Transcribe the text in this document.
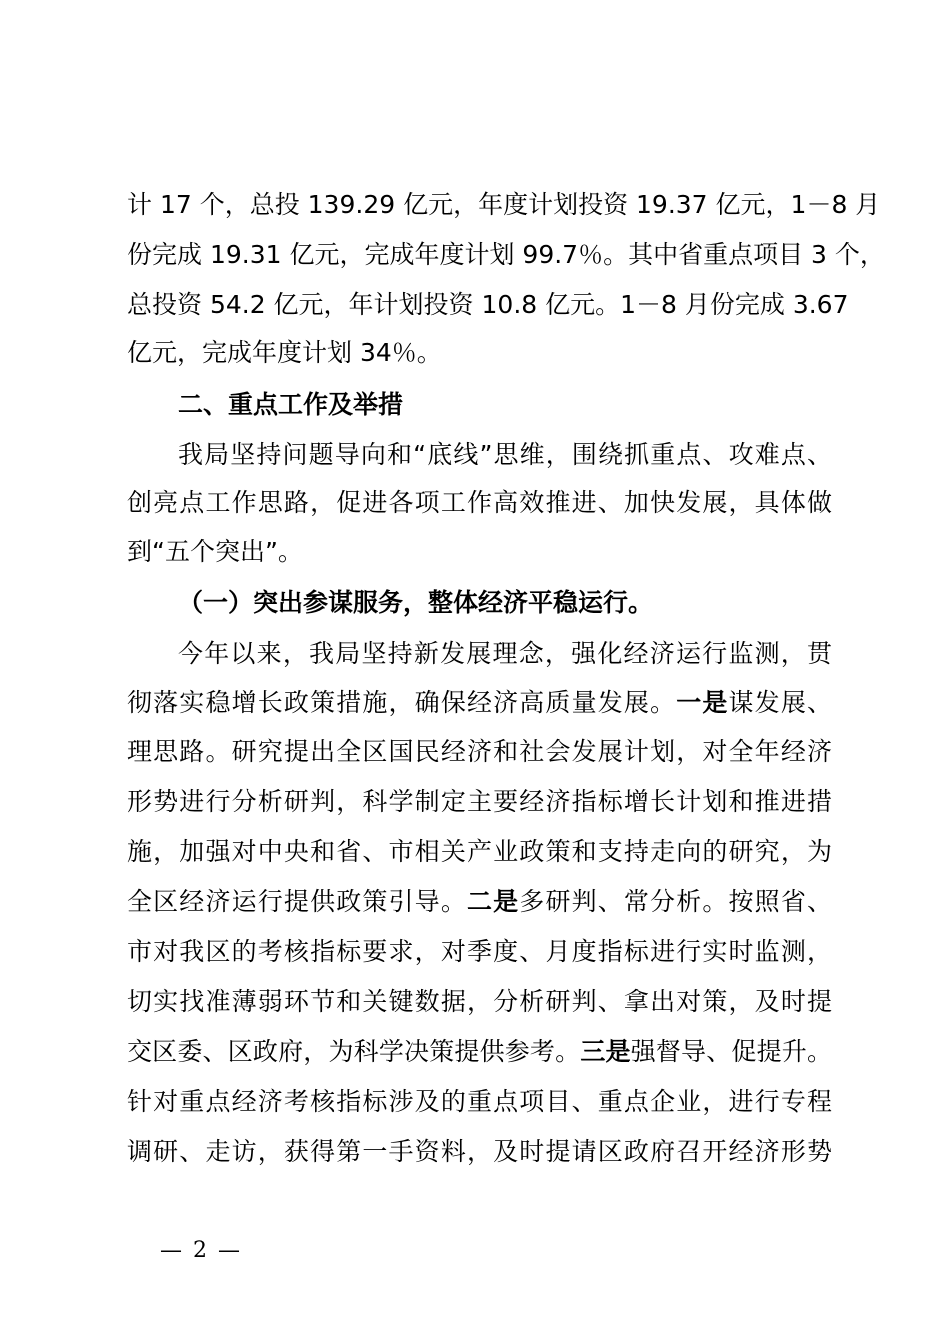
计 17 个，总投 139.29 亿元，年度计划投资 19.37 亿元，1－8 月
份完成 19.31 亿元，完成年度计划 99.7％。其中省重点项目 3 个，
总投资 54.2 亿元，年计划投资 10.8 亿元。1－8 月份完成 3.67
亿元，完成年度计划 34％。
二、重点工作及举措
我局坚持问题导向和“底线”思维，围绕抓重点、攻难点、
创亮点工作思路，促进各项工作高效推进、加快发展，具体做
到“五个突出”。
（一）突出参谋服务，整体经济平稳运行。
今年以来，我局坚持新发展理念，强化经济运行监测，贯
彻落实稳增长政策措施，确保经济高质量发展。一是谋发展、
理思路。研究提出全区国民经济和社会发展计划，对全年经济
形势进行分析研判，科学制定主要经济指标增长计划和推进措
施，加强对中央和省、市相关产业政策和支持走向的研究，为
全区经济运行提供政策引导。二是多研判、常分析。按照省、
市对我区的考核指标要求，对季度、月度指标进行实时监测，
切实找准薄弱环节和关键数据，分析研判、拿出对策，及时提
交区委、区政府，为科学决策提供参考。三是强督导、促提升。
针对重点经济考核指标涉及的重点项目、重点企业，进行专程
调研、走访，获得第一手资料，及时提请区政府召开经济形势
— 2 —
